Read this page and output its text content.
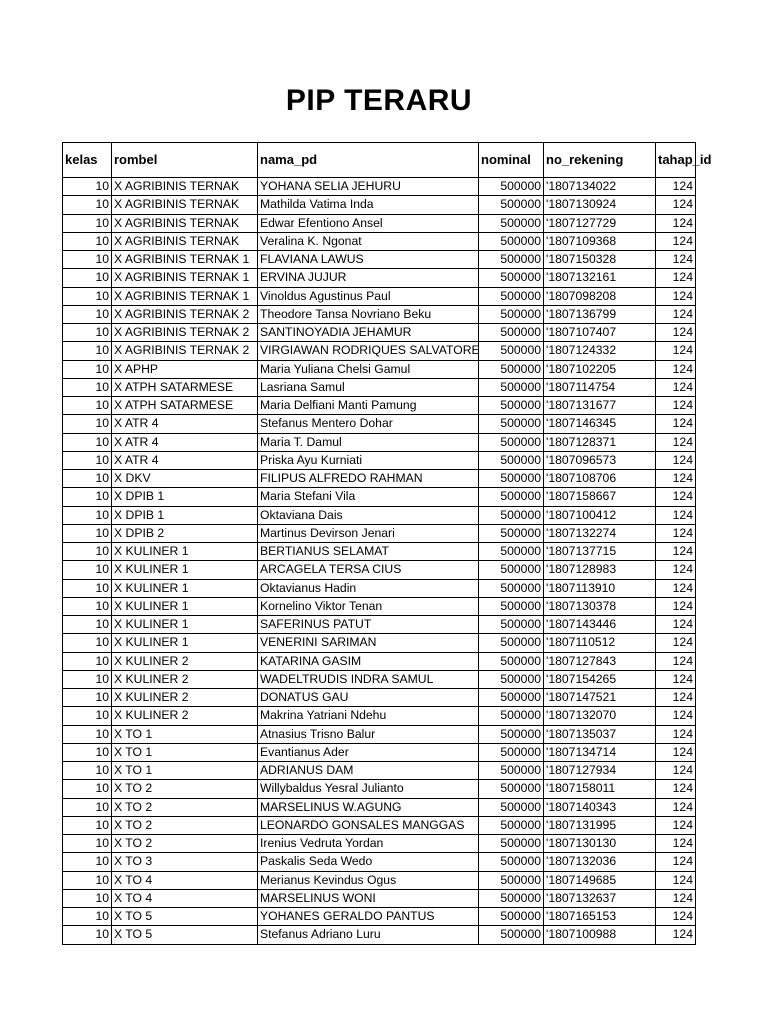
PIP TERARU
kelas	rombel	nama_pd	nominal	no_rekening	tahap_id
10	X AGRIBINIS TERNAK	YOHANA SELIA JEHURU	500000	'1807134022	124
10	X AGRIBINIS TERNAK	Mathilda Vatima Inda	500000	'1807130924	124
10	X AGRIBINIS TERNAK	Edwar Efentiono Ansel	500000	'1807127729	124
10	X AGRIBINIS TERNAK	Veralina K. Ngonat	500000	'1807109368	124
10	X AGRIBINIS TERNAK 1	FLAVIANA LAWUS	500000	'1807150328	124
10	X AGRIBINIS TERNAK 1	ERVINA JUJUR	500000	'1807132161	124
10	X AGRIBINIS TERNAK 1	Vinoldus Agustinus Paul	500000	'1807098208	124
10	X AGRIBINIS TERNAK 2	Theodore Tansa Novriano Beku	500000	'1807136799	124
10	X AGRIBINIS TERNAK 2	SANTINOYADIA JEHAMUR	500000	'1807107407	124
10	X AGRIBINIS TERNAK 2	VIRGIAWAN RODRIQUES SALVATORE	500000	'1807124332	124
10	X APHP	Maria Yuliana Chelsi Gamul	500000	'1807102205	124
10	X ATPH SATARMESE	Lasriana Samul	500000	'1807114754	124
10	X ATPH SATARMESE	Maria Delfiani Manti Pamung	500000	'1807131677	124
10	X ATR 4	Stefanus Mentero Dohar	500000	'1807146345	124
10	X ATR 4	Maria T. Damul	500000	'1807128371	124
10	X ATR 4	Priska Ayu Kurniati	500000	'1807096573	124
10	X DKV	FILIPUS ALFREDO RAHMAN	500000	'1807108706	124
10	X DPIB 1	Maria Stefani Vila	500000	'1807158667	124
10	X DPIB 1	Oktaviana Dais	500000	'1807100412	124
10	X DPIB 2	Martinus Devirson Jenari	500000	'1807132274	124
10	X KULINER 1	BERTIANUS SELAMAT	500000	'1807137715	124
10	X KULINER 1	ARCAGELA TERSA CIUS	500000	'1807128983	124
10	X KULINER 1	Oktavianus Hadin	500000	'1807113910	124
10	X KULINER 1	Kornelino Viktor Tenan	500000	'1807130378	124
10	X KULINER 1	SAFERINUS PATUT	500000	'1807143446	124
10	X KULINER 1	VENERINI SARIMAN	500000	'1807110512	124
10	X KULINER 2	KATARINA GASIM	500000	'1807127843	124
10	X KULINER 2	WADELTRUDIS INDRA SAMUL	500000	'1807154265	124
10	X KULINER 2	DONATUS GAU	500000	'1807147521	124
10	X KULINER 2	Makrina Yatriani Ndehu	500000	'1807132070	124
10	X TO 1	Atnasius Trisno Balur	500000	'1807135037	124
10	X TO 1	Evantianus Ader	500000	'1807134714	124
10	X TO 1	ADRIANUS DAM	500000	'1807127934	124
10	X TO 2	Willybaldus Yesral Julianto	500000	'1807158011	124
10	X TO 2	MARSELINUS W.AGUNG	500000	'1807140343	124
10	X TO 2	LEONARDO GONSALES MANGGAS	500000	'1807131995	124
10	X TO 2	Irenius Vedruta Yordan	500000	'1807130130	124
10	X TO 3	Paskalis Seda Wedo	500000	'1807132036	124
10	X TO 4	Merianus Kevindus Ogus	500000	'1807149685	124
10	X TO 4	MARSELINUS WONI	500000	'1807132637	124
10	X TO 5	YOHANES GERALDO PANTUS	500000	'1807165153	124
10	X TO 5	Stefanus Adriano Luru	500000	'1807100988	124
